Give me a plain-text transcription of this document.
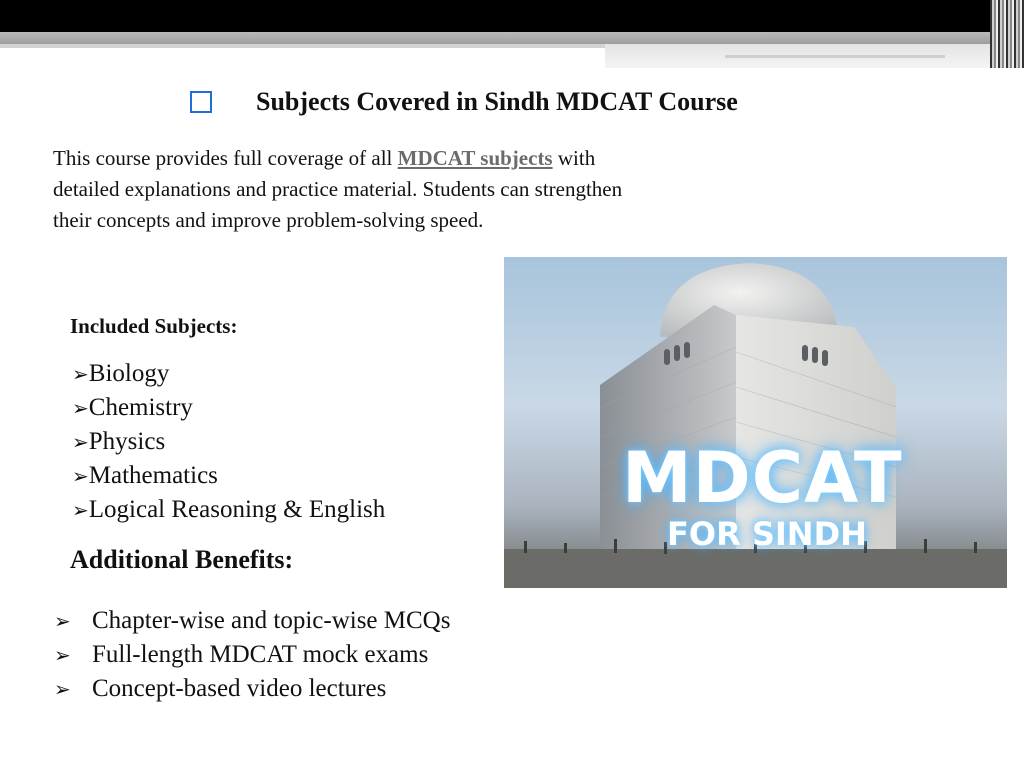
Subjects Covered in Sindh MDCAT Course
This course provides full coverage of all MDCAT subjects with detailed explanations and practice material. Students can strengthen their concepts and improve problem-solving speed.
Included Subjects:
➢Biology
➢Chemistry
➢Physics
➢Mathematics
➢Logical Reasoning & English
Additional Benefits:
➢ Chapter-wise and topic-wise MCQs
➢ Full-length MDCAT mock exams
➢ Concept-based video lectures
MDCAT
FOR SINDH
